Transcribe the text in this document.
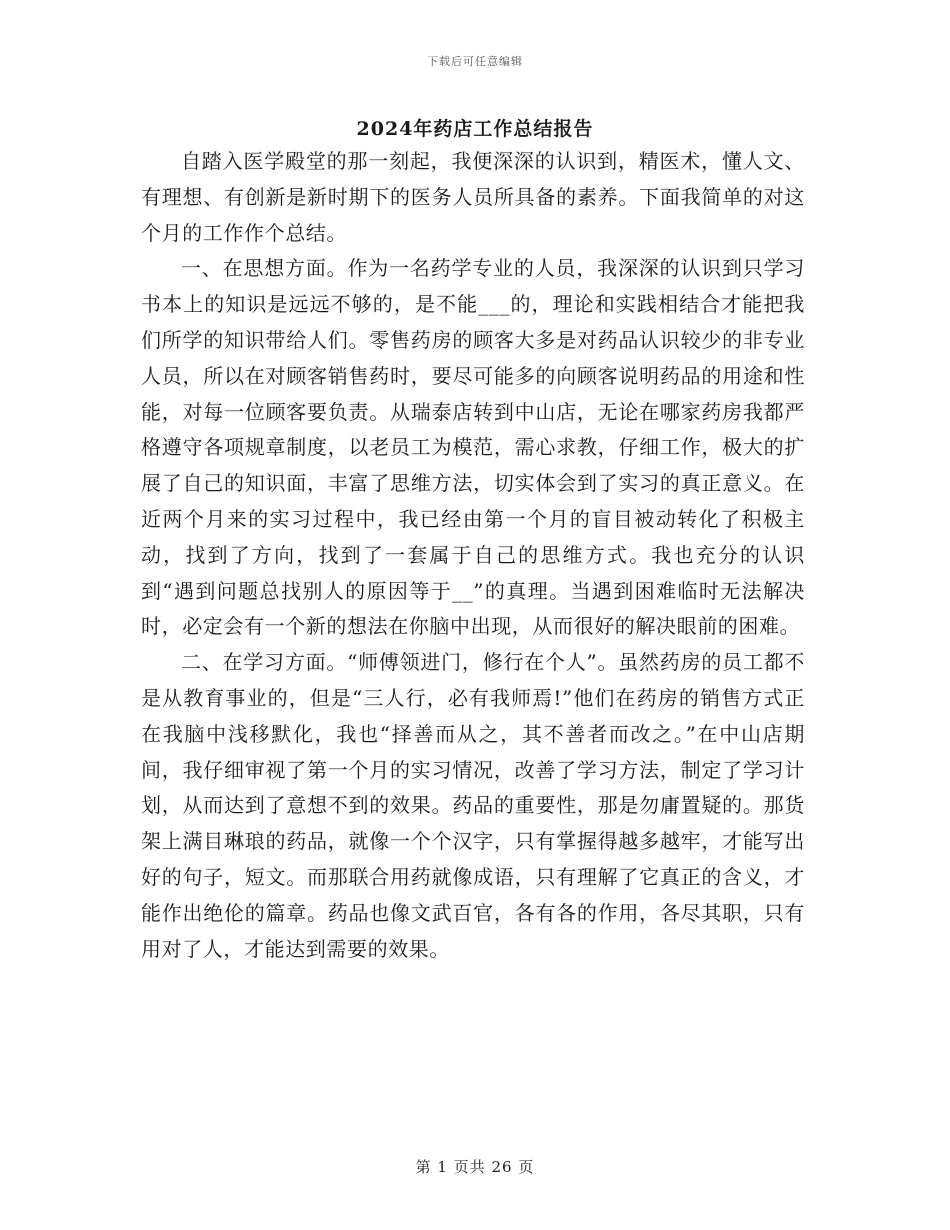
下载后可任意编辑
2024年药店工作总结报告

自踏入医学殿堂的那一刻起，我便深深的认识到，精医术，懂人文、有理想、有创新是新时期下的医务人员所具备的素养。下面我简单的对这个月的工作作个总结。

一、在思想方面。作为一名药学专业的人员，我深深的认识到只学习书本上的知识是远远不够的，是不能___的，理论和实践相结合才能把我们所学的知识带给人们。零售药房的顾客大多是对药品认识较少的非专业人员，所以在对顾客销售药时，要尽可能多的向顾客说明药品的用途和性能，对每一位顾客要负责。从瑞泰店转到中山店，无论在哪家药房我都严格遵守各项规章制度，以老员工为模范，需心求教，仔细工作，极大的扩展了自己的知识面，丰富了思维方法，切实体会到了实习的真正意义。在近两个月来的实习过程中，我已经由第一个月的盲目被动转化了积极主动，找到了方向，找到了一套属于自己的思维方式。我也充分的认识到“遇到问题总找别人的原因等于__”的真理。当遇到困难临时无法解决时，必定会有一个新的想法在你脑中出现，从而很好的解决眼前的困难。

二、在学习方面。“师傅领进门，修行在个人”。虽然药房的员工都不是从教育事业的，但是“三人行，必有我师焉!”他们在药房的销售方式正在我脑中浅移默化，我也“择善而从之，其不善者而改之。”在中山店期间，我仔细审视了第一个月的实习情况，改善了学习方法，制定了学习计划，从而达到了意想不到的效果。药品的重要性，那是勿庸置疑的。那货架上满目琳琅的药品，就像一个个汉字，只有掌握得越多越牢，才能写出好的句子，短文。而那联合用药就像成语，只有理解了它真正的含义，才能作出绝伦的篇章。药品也像文武百官，各有各的作用，各尽其职，只有用对了人，才能达到需要的效果。

第 1 页共 26 页
